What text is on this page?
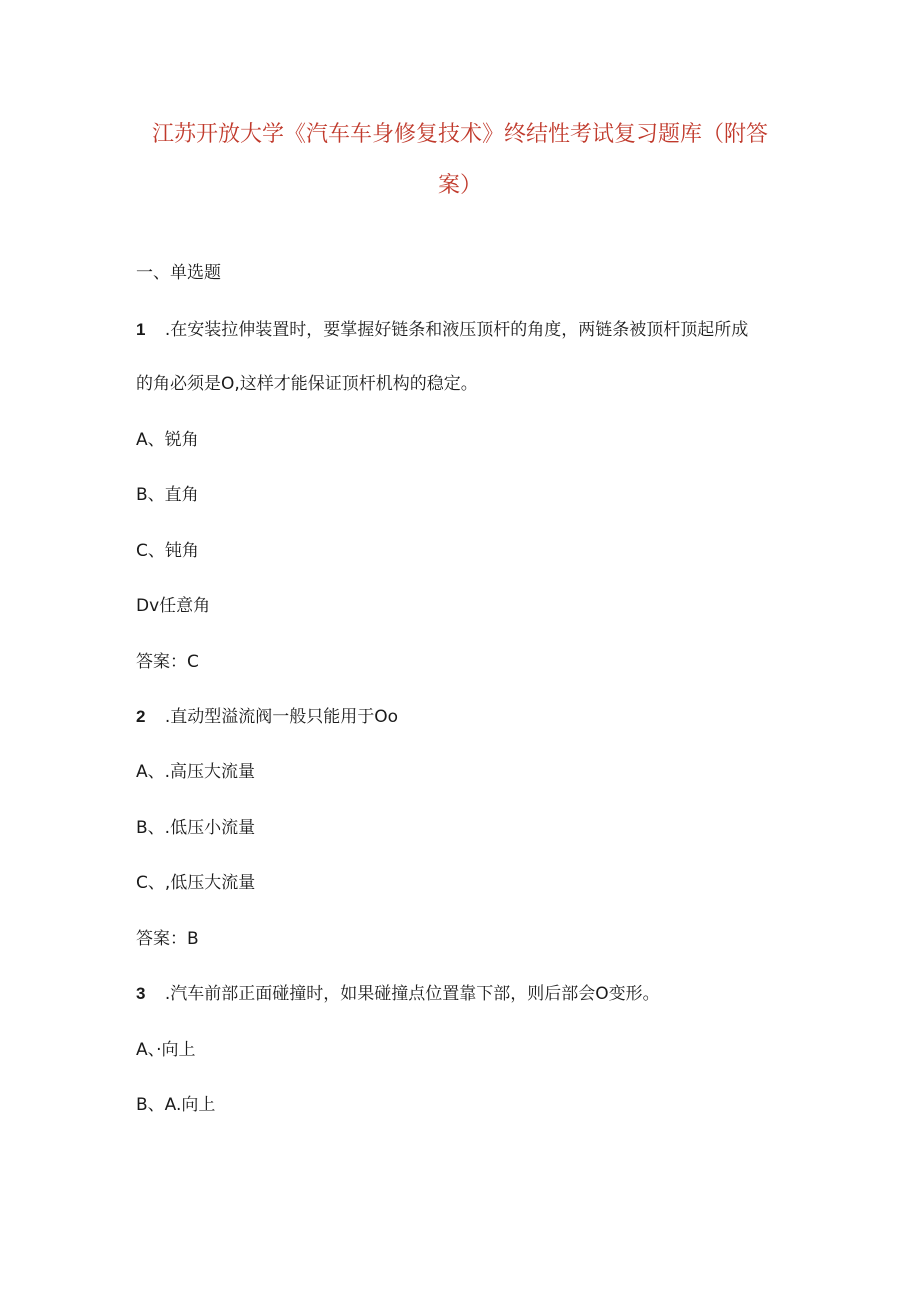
江苏开放大学《汽车车身修复技术》终结性考试复习题库（附答
案）
一、单选题
1 .在安装拉伸装置时，要掌握好链条和液压顶杆的角度，两链条被顶杆顶起所成
的角必须是O,这样才能保证顶杆机构的稳定。
A、锐角
B、直角
C、钝角
Dv任意角
答案：C
2 .直动型溢流阀一般只能用于Oo
A、.高压大流量
B、.低压小流量
C、,低压大流量
答案：B
3 .汽车前部正面碰撞时，如果碰撞点位置靠下部，则后部会O变形。
A、·向上
B、A.向上
